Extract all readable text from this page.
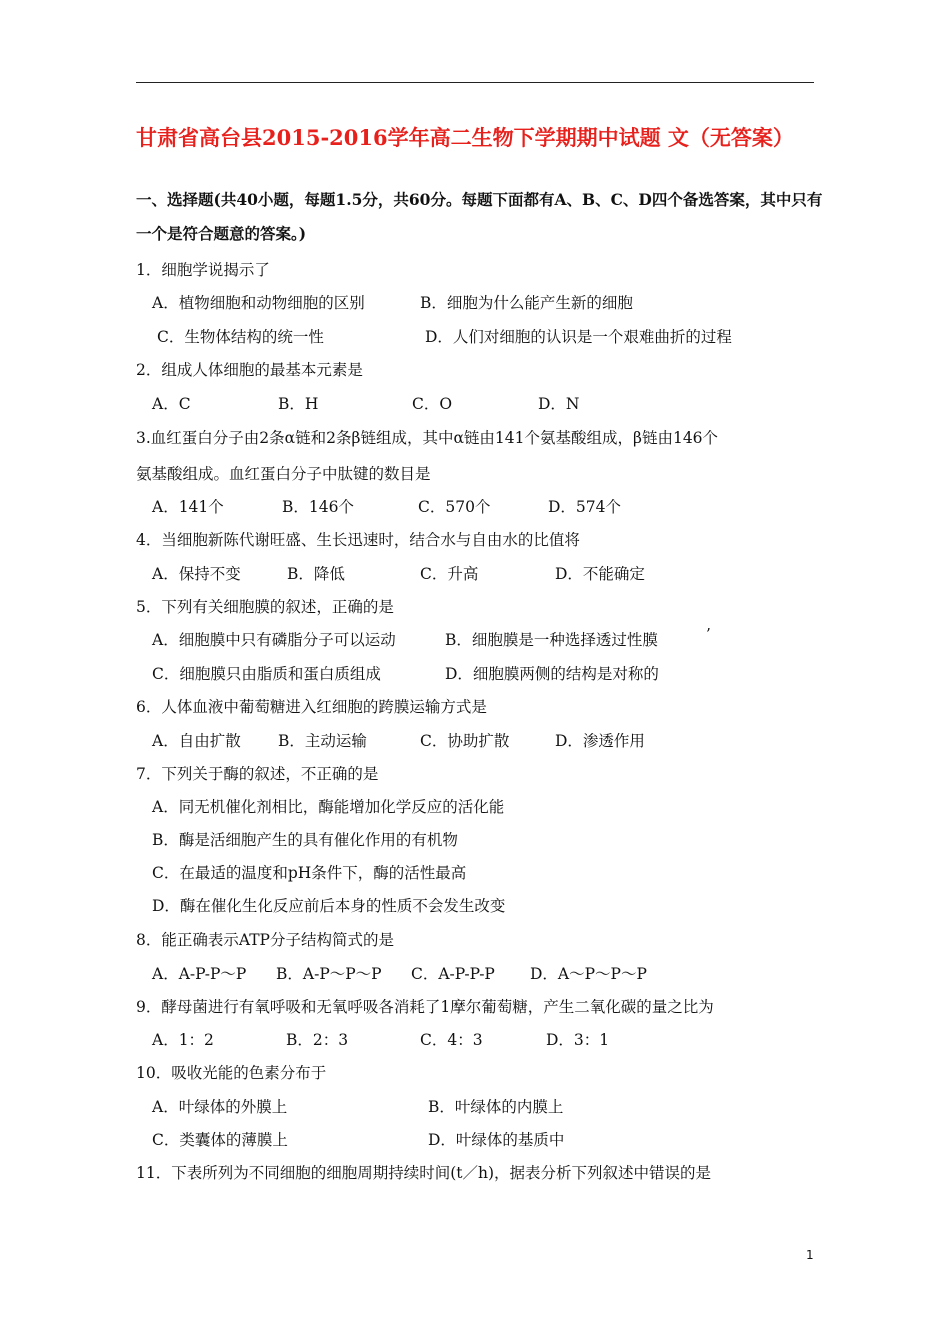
甘肃省高台县2015-2016学年高二生物下学期期中试题 文（无答案）
一、选择题(共40小题，每题1.5分，共60分。每题下面都有A、B、C、D四个备选答案，其中只有
一个是符合题意的答案。)
1．细胞学说揭示了
A．植物细胞和动物细胞的区别	B．细胞为什么能产生新的细胞
C．生物体结构的统一性	D．人们对细胞的认识是一个艰难曲折的过程
2．组成人体细胞的最基本元素是
A．C	B．H	C．O	D．N
3.血红蛋白分子由2条α链和2条β链组成，其中α链由141个氨基酸组成，β链由146个
氨基酸组成。血红蛋白分子中肽键的数目是
A．141个	B．146个	C．570个	D．574个
4．当细胞新陈代谢旺盛、生长迅速时，结合水与自由水的比值将
A．保持不变	B．降低	C．升高	D．不能确定
5．下列有关细胞膜的叙述，正确的是
A．细胞膜中只有磷脂分子可以运动	B．细胞膜是一种选择透过性膜	’
C．细胞膜只由脂质和蛋白质组成	D．细胞膜两侧的结构是对称的
6．人体血液中葡萄糖进入红细胞的跨膜运输方式是
A．自由扩散 B．主动运输	C．协助扩散	D．渗透作用
7．下列关于酶的叙述，不正确的是
A．同无机催化剂相比，酶能增加化学反应的活化能
B．酶是活细胞产生的具有催化作用的有机物
C．在最适的温度和pH条件下，酶的活性最高
D．酶在催化生化反应前后本身的性质不会发生改变
8．能正确表示ATP分子结构简式的是
A．A-P-P～P B．A-P～P～P C．A-P-P-P D．A～P～P～P
9．酵母菌进行有氧呼吸和无氧呼吸各消耗了1摩尔葡萄糖，产生二氧化碳的量之比为
A．1：2	B．2：3	C．4：3	D．3：1
10．吸收光能的色素分布于
A．叶绿体的外膜上	B．叶绿体的内膜上
C．类囊体的薄膜上	D．叶绿体的基质中
11．下表所列为不同细胞的细胞周期持续时间(t／h)，据表分析下列叙述中错误的是
1
